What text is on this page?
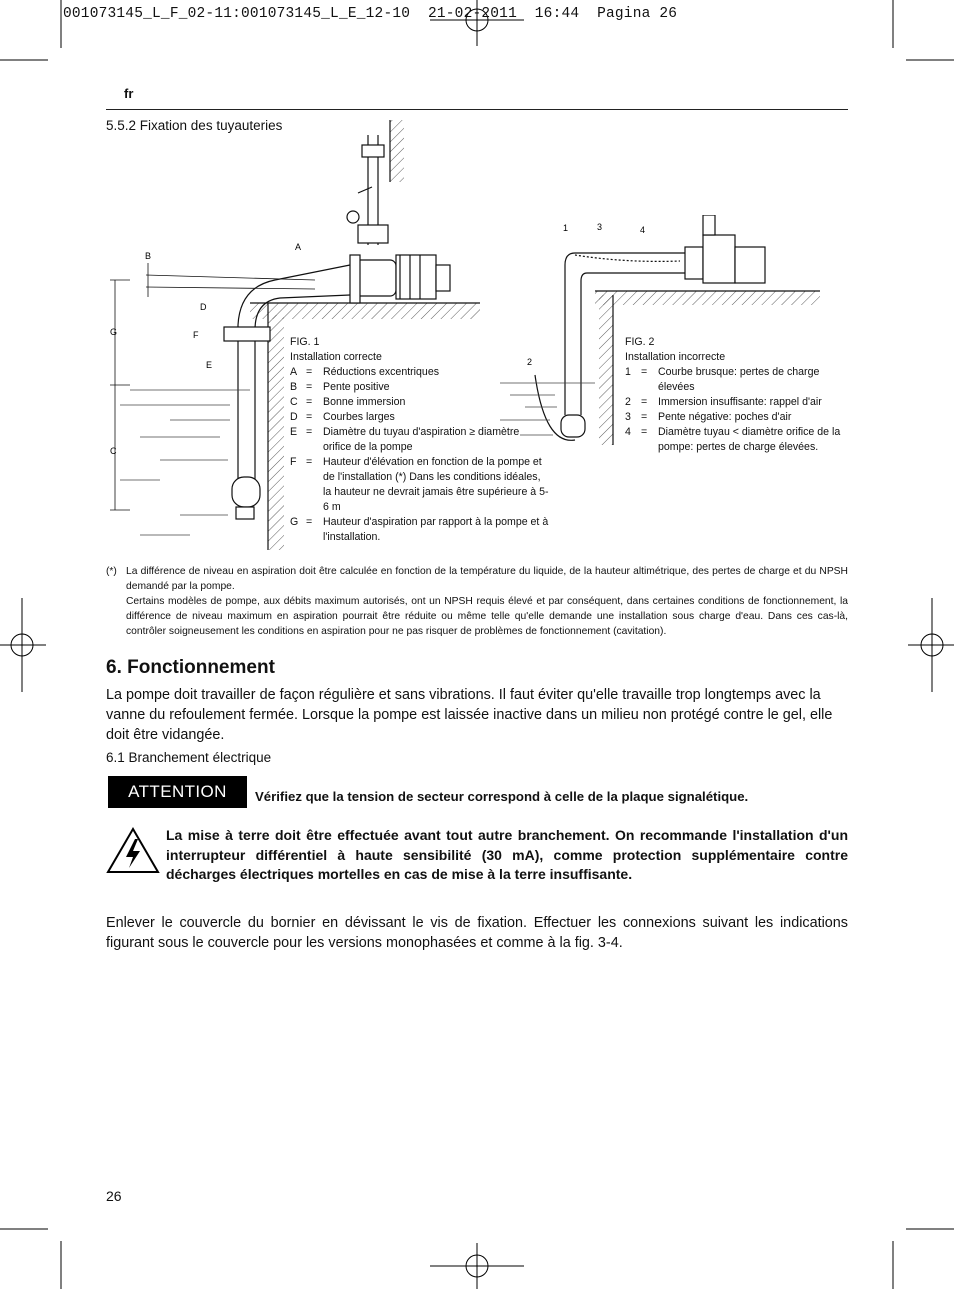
001073145_L_F_02-11:001073145_L_E_12-10  21-02-2011  16:44  Pagina 26
fr
5.5.2 Fixation des tuyauteries
B
A
D
G	F
E
C
1	3	4
2
FIG. 1
Installation correcte
A =	Réductions excentriques
B =	Pente positive
C =	Bonne immersion
D =	Courbes larges
E =	Diamètre du tuyau d'aspiration ≥ diamètre orifice de la pompe
F =	Hauteur d'élévation en fonction de la pompe et de l'installation (*) Dans les conditions idéales, la hauteur ne devrait jamais être supérieure à 5-6 m
G =	Hauteur d'aspiration par rapport à la pompe et à l'installation.
FIG. 2
Installation incorrecte
1 =	Courbe brusque: pertes de charge élevées
2 =	Immersion insuffisante: rappel d'air
3 =	Pente négative: poches d'air
4 =	Diamètre tuyau < diamètre orifice de la pompe: pertes de charge élevées.
(*) La différence de niveau en aspiration doit être calculée en fonction de la température du liquide, de la hauteur altimétrique, des pertes de charge et du NPSH demandé par la pompe.
Certains modèles de pompe, aux débits maximum autorisés, ont un NPSH requis élevé et par conséquent, dans certaines conditions de fonctionnement, la différence de niveau maximum en aspiration pourrait être réduite ou même telle qu'elle demande une installation sous charge d'eau. Dans ces cas-là, contrôler soigneusement les conditions en aspiration pour ne pas risquer de problèmes de fonctionnement (cavitation).
6. Fonctionnement
La pompe doit travailler de façon régulière et sans vibrations. Il faut éviter qu'elle travaille trop longtemps avec la vanne du refoulement fermée. Lorsque la pompe est laissée inactive dans un milieu non protégé contre le gel, elle doit être vidangée.
6.1 Branchement électrique
ATTENTION	Vérifiez que la tension de secteur correspond à celle de la plaque signalétique.
La mise à terre doit être effectuée avant tout autre branchement. On recommande l'installation d'un interrupteur différentiel à haute sensibilité (30 mA), comme protection supplémentaire contre décharges électriques mortelles en cas de mise à la terre insuffisante.
Enlever le couvercle du bornier en dévissant le vis de fixation. Effectuer les connexions suivant les indications figurant sous le couvercle pour les versions monophasées et comme à la fig. 3-4.
26
